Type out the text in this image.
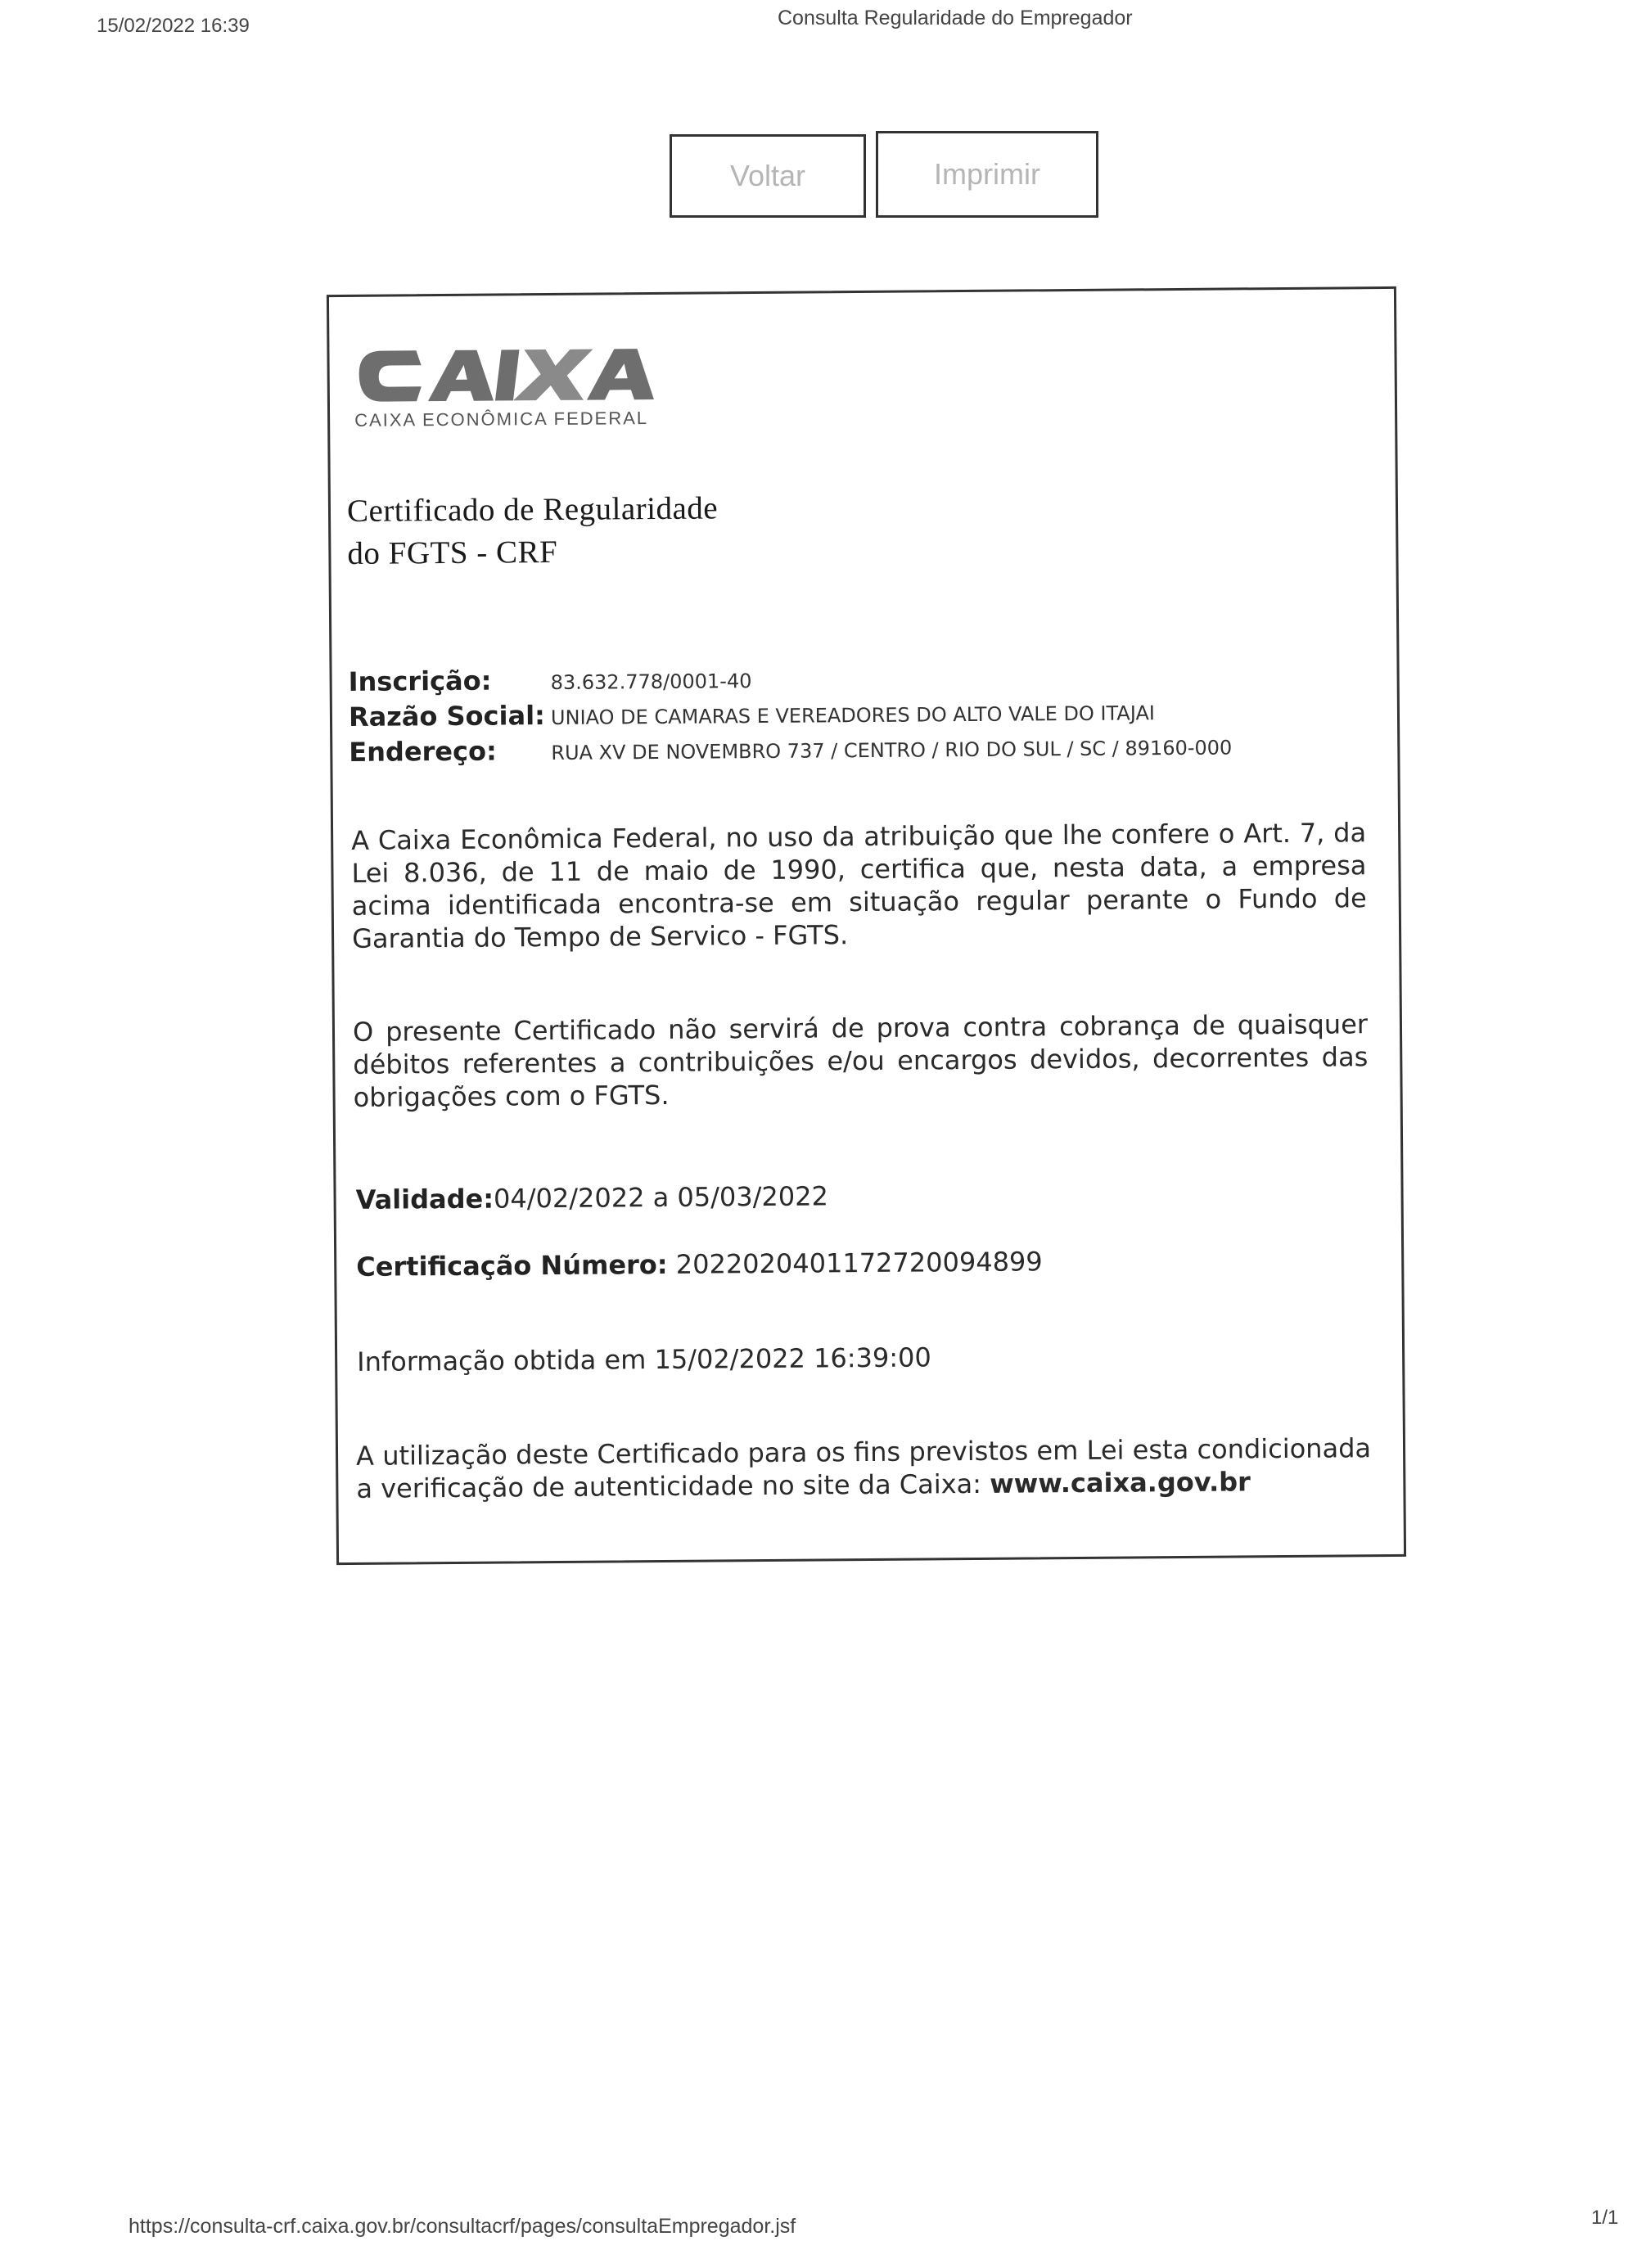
15/02/2022 16:39	Consulta Regularidade do Empregador
Voltar	Imprimir
CAIXA
CAIXA ECONÔMICA FEDERAL
Certificado de Regularidade
do FGTS - CRF
Inscrição:	83.632.778/0001-40
Razão Social: UNIAO DE CAMARAS E VEREADORES DO ALTO VALE DO ITAJAI
Endereço:	RUA XV DE NOVEMBRO 737 / CENTRO / RIO DO SUL / SC / 89160-000
A Caixa Econômica Federal, no uso da atribuição que lhe confere o Art. 7, da Lei 8.036, de 11 de maio de 1990, certifica que, nesta data, a empresa acima identificada encontra-se em situação regular perante o Fundo de Garantia do Tempo de Servico - FGTS.
O presente Certificado não servirá de prova contra cobrança de quaisquer débitos referentes a contribuições e/ou encargos devidos, decorrentes das obrigações com o FGTS.
Validade:04/02/2022 a 05/03/2022
Certificação Número: 2022020401172720094899
Informação obtida em 15/02/2022 16:39:00
A utilização deste Certificado para os fins previstos em Lei esta condicionada a verificação de autenticidade no site da Caixa: www.caixa.gov.br
https://consulta-crf.caixa.gov.br/consultacrf/pages/consultaEmpregador.jsf	1/1
